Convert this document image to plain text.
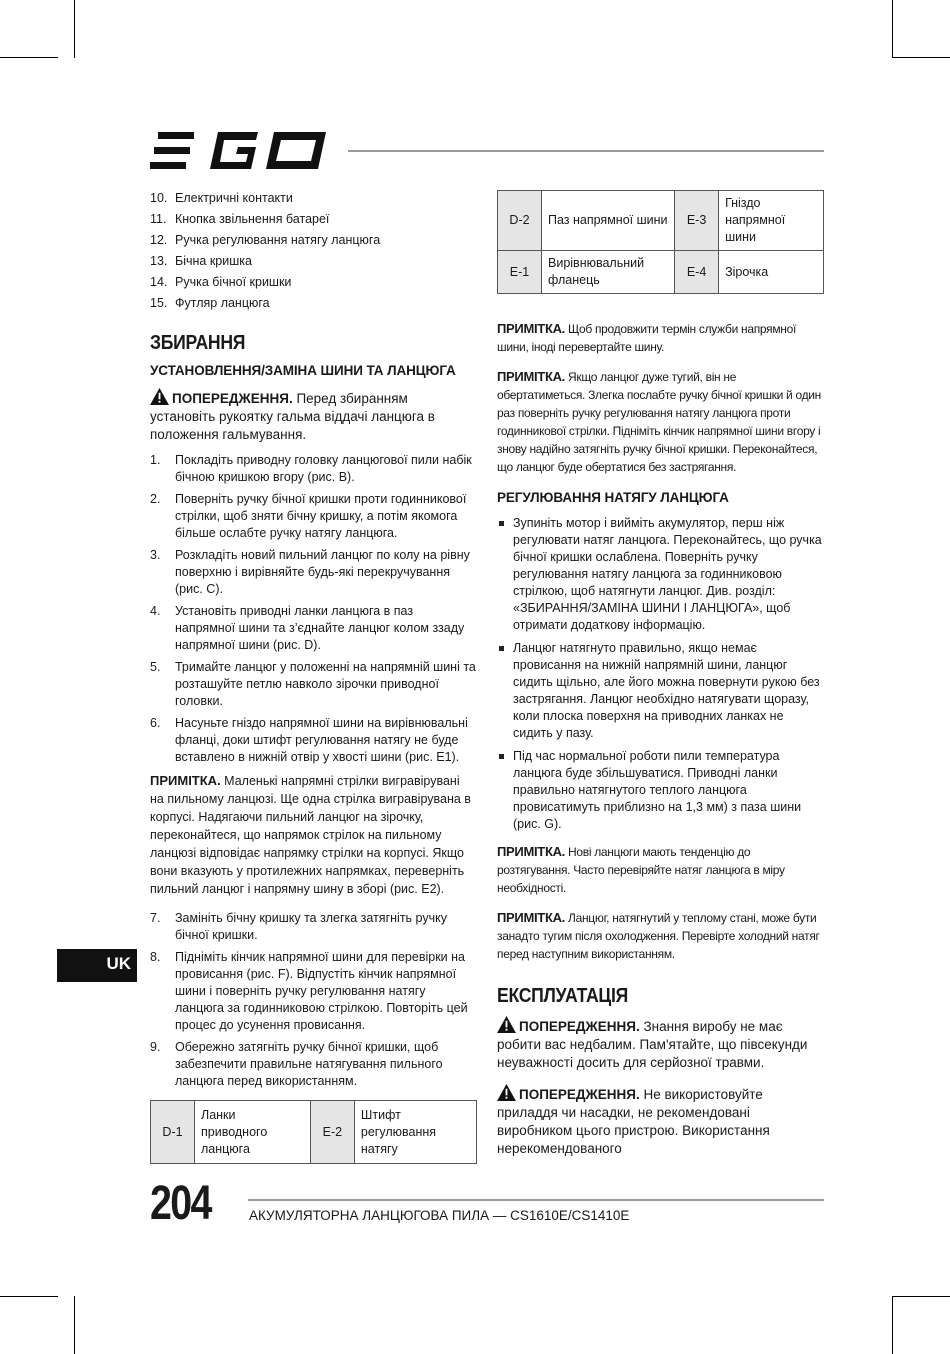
10. Електричні контакти
11. Кнопка звільнення батареї
12. Ручка регулювання натягу ланцюга
13. Бічна кришка
14. Ручка бічної кришки
15. Футляр ланцюга
ЗБИРАННЯ
УСТАНОВЛЕННЯ/ЗАМІНА ШИНИ ТА ЛАНЦЮГА

ПОПЕРЕДЖЕННЯ. Перед збиранням установіть рукоятку гальма віддачі ланцюга в положення гальмування.

1. Покладіть приводну головку ланцюгової пили набік бічною кришкою вгору (рис. B).
2. Поверніть ручку бічної кришки проти годинникової стрілки, щоб зняти бічну кришку, а потім якомога більше ослабте ручку натягу ланцюга.
3. Розкладіть новий пильний ланцюг по колу на рівну поверхню і вирівняйте будь-які перекручування (рис. C).
4. Установіть приводні ланки ланцюга в паз напрямної шини та з’єднайте ланцюг колом ззаду напрямної шини (рис. D).
5. Тримайте ланцюг у положенні на напрямній шині та розташуйте петлю навколо зірочки приводної головки.
6. Насуньте гніздо напрямної шини на вирівнювальні фланці, доки штифт регулювання натягу не буде вставлено в нижній отвір у хвості шини (рис. E1).

ПРИМІТКА. Маленькі напрямні стрілки вигравірувані на пильному ланцюзі. Ще одна стрілка вигравірувана в корпусі. Надягаючи пильний ланцюг на зірочку, переконайтеся, що напрямок стрілок на пильному ланцюзі відповідає напрямку стрілки на корпусі. Якщо вони вказують у протилежних напрямках, переверніть пильний ланцюг і напрямну шину в зборі (рис. E2).

7. Замініть бічну кришку та злегка затягніть ручку бічної кришки.
8. Підніміть кінчик напрямної шини для перевірки на провисання (рис. F). Відпустіть кінчик напрямної шини і поверніть ручку регулювання натягу ланцюга за годинниковою стрілкою. Повторіть цей процес до усунення провисання.
9. Обережно затягніть ручку бічної кришки, щоб забезпечити правильне натягування пильного ланцюга перед використанням.
D-1	Ланки приводного ланцюга	E-2	Штифт регулювання натягу
D-2	Паз напрямної шини	E-3	Гніздо напрямної шини
E-1	Вирівнювальний фланець	E-4	Зірочка

ПРИМІТКА. Щоб продовжити термін служби напрямної шини, іноді перевертайте шину.

ПРИМІТКА. Якщо ланцюг дуже тугий, він не обертатиметься. Злегка послабте ручку бічної кришки й один раз поверніть ручку регулювання натягу ланцюга проти годинникової стрілки. Підніміть кінчик напрямної шини вгору і знову надійно затягніть ручку бічної кришки. Переконайтеся, що ланцюг буде обертатися без застрягання.

РЕГУЛЮВАННЯ НАТЯГУ ЛАНЦЮГА
Зупиніть мотор і вийміть акумулятор, перш ніж регулювати натяг ланцюга. Переконайтесь, що ручка бічної кришки ослаблена. Поверніть ручку регулювання натягу ланцюга за годинниковою стрілкою, щоб натягнути ланцюг. Див. розділ: «ЗБИРАННЯ/ЗАМІНА ШИНИ І ЛАНЦЮГА», щоб отримати додаткову інформацію.
Ланцюг натягнуто правильно, якщо немає провисання на нижній напрямній шини, ланцюг сидить щільно, але його можна повернути рукою без застрягання. Ланцюг необхідно натягувати щоразу, коли плоска поверхня на приводних ланках не сидить у пазу.
Під час нормальної роботи пили температура ланцюга буде збільшуватися. Приводні ланки правильно натягнутого теплого ланцюга провисатимуть приблизно на 1,3 мм) з паза шини (рис. G).

ПРИМІТКА. Нові ланцюги мають тенденцію до розтягування. Часто перевіряйте натяг ланцюга в міру необхідності.

ПРИМІТКА. Ланцюг, натягнутий у теплому стані, може бути занадто тугим після охолодження. Перевірте холодний натяг перед наступним використанням.

ЕКСПЛУАТАЦІЯ

ПОПЕРЕДЖЕННЯ. Знання виробу не має робити вас недбалим. Пам'ятайте, що півсекунди неуважності досить для серйозної травми.

ПОПЕРЕДЖЕННЯ. Не використовуйте приладдя чи насадки, не рекомендовані виробником цього пристрою. Використання нерекомендованого

UK
204	АКУМУЛЯТОРНА ЛАНЦЮГОВА ПИЛА — CS1610E/CS1410E
